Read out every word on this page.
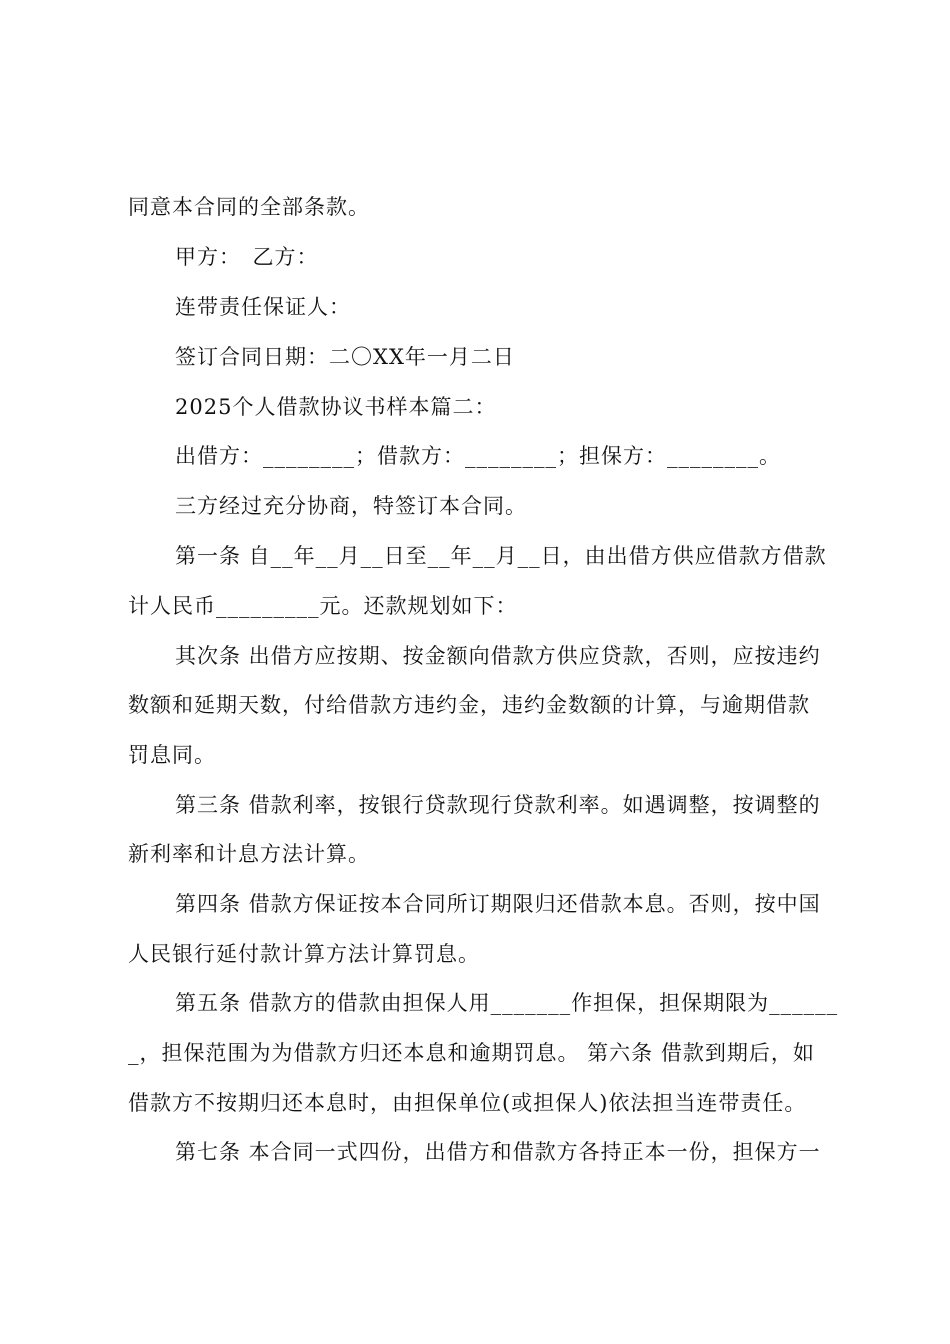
同意本合同的全部条款。
甲方：　乙方：
连带责任保证人：
签订合同日期：二〇XX年一月二日
2025个人借款协议书样本篇二：
出借方：________；借款方：________；担保方：________。
三方经过充分协商，特签订本合同。
第一条 自__年__月__日至__年__月__日，由出借方供应借款方借款
计人民币_________元。还款规划如下：
其次条 出借方应按期、按金额向借款方供应贷款，否则，应按违约
数额和延期天数，付给借款方违约金，违约金数额的计算，与逾期借款
罚息同。
第三条 借款利率，按银行贷款现行贷款利率。如遇调整，按调整的
新利率和计息方法计算。
第四条 借款方保证按本合同所订期限归还借款本息。否则，按中国
人民银行延付款计算方法计算罚息。
第五条 借款方的借款由担保人用_______作担保，担保期限为______
_，担保范围为为借款方归还本息和逾期罚息。 第六条 借款到期后，如
借款方不按期归还本息时，由担保单位(或担保人)依法担当连带责任。
第七条 本合同一式四份，出借方和借款方各持正本一份，担保方一
